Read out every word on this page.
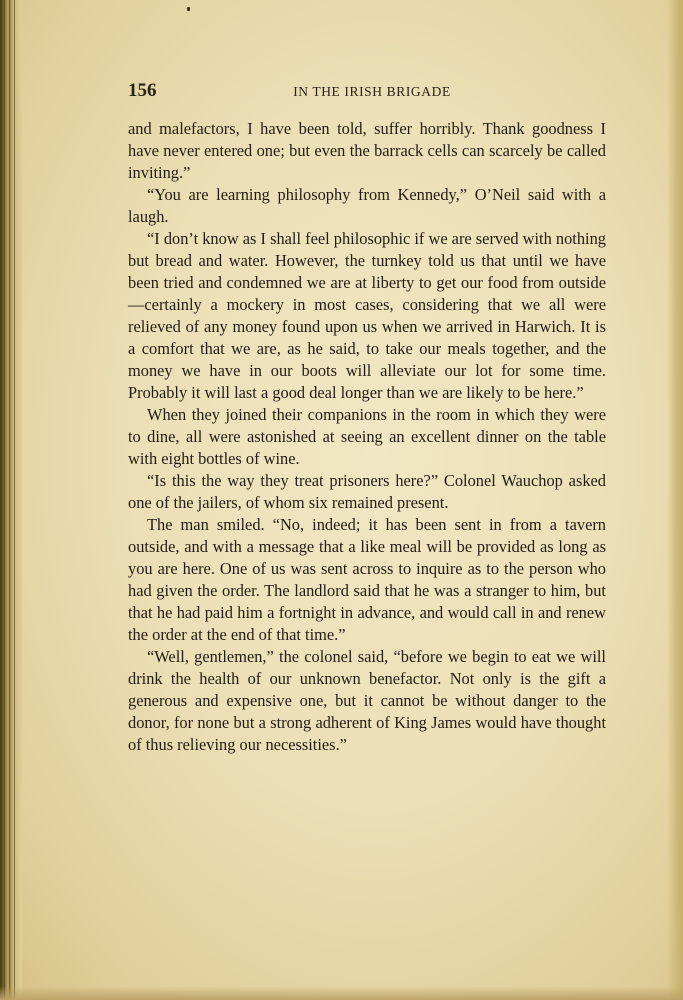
156	IN THE IRISH BRIGADE

and malefactors, I have been told, suffer horribly. Thank goodness I have never entered one; but even the barrack cells can scarcely be called inviting.”

“You are learning philosophy from Kennedy,” O’Neil said with a laugh.

“I don’t know as I shall feel philosophic if we are served with nothing but bread and water. However, the turnkey told us that until we have been tried and condemned we are at liberty to get our food from outside—certainly a mockery in most cases, considering that we all were relieved of any money found upon us when we arrived in Harwich. It is a comfort that we are, as he said, to take our meals together, and the money we have in our boots will alleviate our lot for some time. Probably it will last a good deal longer than we are likely to be here.”

When they joined their companions in the room in which they were to dine, all were astonished at seeing an excellent dinner on the table with eight bottles of wine.

“Is this the way they treat prisoners here?” Colonel Wauchop asked one of the jailers, of whom six remained present.

The man smiled. “No, indeed; it has been sent in from a tavern outside, and with a message that a like meal will be provided as long as you are here. One of us was sent across to inquire as to the person who had given the order. The landlord said that he was a stranger to him, but that he had paid him a fortnight in advance, and would call in and renew the order at the end of that time.”

“Well, gentlemen,” the colonel said, “before we begin to eat we will drink the health of our unknown benefactor. Not only is the gift a generous and expensive one, but it cannot be without danger to the donor, for none but a strong adherent of King James would have thought of thus relieving our necessities.”
